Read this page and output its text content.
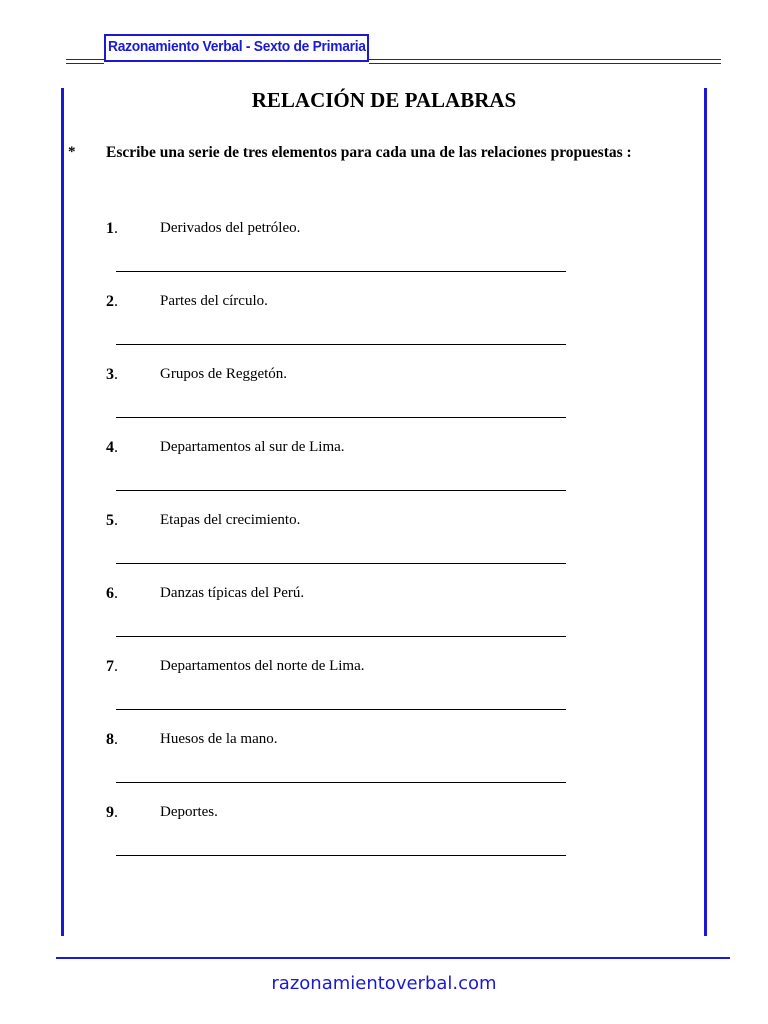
Razonamiento Verbal - Sexto de Primaria
RELACIÓN DE PALABRAS
* Escribe una serie de tres elementos para cada una de las relaciones propuestas :
1.	Derivados del petróleo.
2.	Partes del círculo.
3.	Grupos de Reggetón.
4.	Departamentos al sur de Lima.
5.	Etapas del crecimiento.
6.	Danzas típicas del Perú.
7.	Departamentos del norte de Lima.
8.	Huesos de la mano.
9.	Deportes.
razonamientoverbal.com
